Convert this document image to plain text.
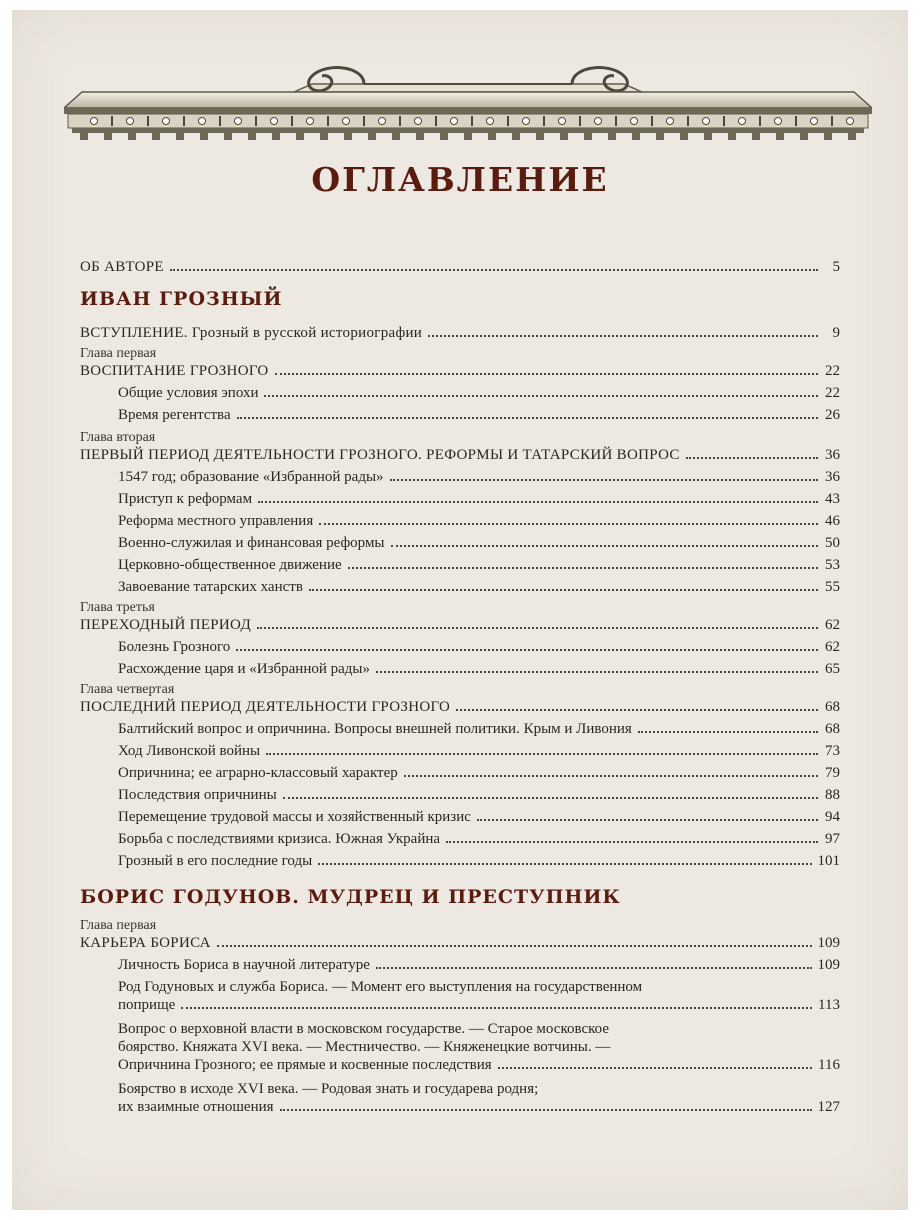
ОГЛАВЛЕНИЕ
ОБ АВТОРЕ	5
ИВАН ГРОЗНЫЙ
ВСТУПЛЕНИЕ. Грозный в русской историографии	9
Глава первая
ВОСПИТАНИЕ ГРОЗНОГО	22
Общие условия эпохи	22
Время регентства	26
Глава вторая
ПЕРВЫЙ ПЕРИОД ДЕЯТЕЛЬНОСТИ ГРОЗНОГО. РЕФОРМЫ И ТАТАРСКИЙ ВОПРОС	36
1547 год; образование «Избранной рады»	36
Приступ к реформам	43
Реформа местного управления	46
Военно-служилая и финансовая реформы	50
Церковно-общественное движение	53
Завоевание татарских ханств	55
Глава третья
ПЕРЕХОДНЫЙ ПЕРИОД	62
Болезнь Грозного	62
Расхождение царя и «Избранной рады»	65
Глава четвертая
ПОСЛЕДНИЙ ПЕРИОД ДЕЯТЕЛЬНОСТИ ГРОЗНОГО	68
Балтийский вопрос и опричнина. Вопросы внешней политики. Крым и Ливония	68
Ход Ливонской войны	73
Опричнина; ее аграрно-классовый характер	79
Последствия опричнины	88
Перемещение трудовой массы и хозяйственный кризис	94
Борьба с последствиями кризиса. Южная Украйна	97
Грозный в его последние годы	101
БОРИС ГОДУНОВ. МУДРЕЦ И ПРЕСТУПНИК
Глава первая
КАРЬЕРА БОРИСА	109
Личность Бориса в научной литературе	109
Род Годуновых и служба Бориса. — Момент его выступления на государственном
поприще	113
Вопрос о верховной власти в московском государстве. — Старое московское
боярство. Княжата XVI века. — Местничество. — Княженецкие вотчины. —
Опричнина Грозного; ее прямые и косвенные последствия	116
Боярство в исходе XVI века. — Родовая знать и государева родня;
их взаимные отношения	127
